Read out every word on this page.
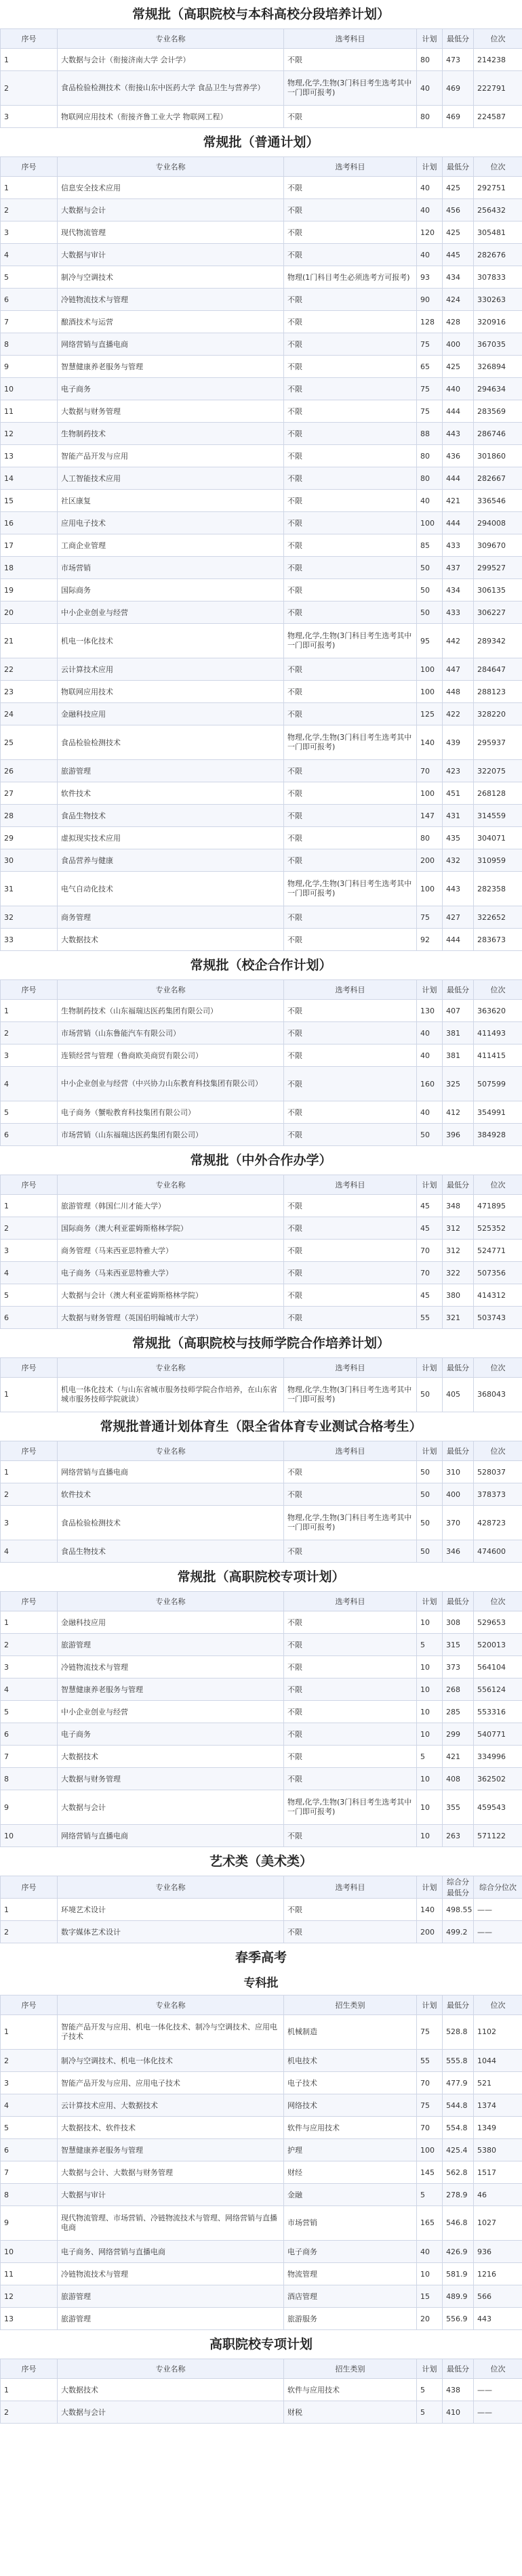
常规批（高职院校与本科高校分段培养计划）
序号	专业名称	选考科目	计划	最低分	位次
1	大数据与会计（衔接济南大学 会计学）	不限	80	473	214238
2	食品检验检测技术（衔接山东中医药大学 食品卫生与营养学）	物理,化学,生物(3门科目考生选考其中一门即可报考)	40	469	222791
3	物联网应用技术（衔接齐鲁工业大学 物联网工程）	不限	80	469	224587
常规批（普通计划）
序号	专业名称	选考科目	计划	最低分	位次
1	信息安全技术应用	不限	40	425	292751
2	大数据与会计	不限	40	456	256432
3	现代物流管理	不限	120	425	305481
4	大数据与审计	不限	40	445	282676
5	制冷与空调技术	物理(1门科目考生必须选考方可报考)	93	434	307833
6	冷链物流技术与管理	不限	90	424	330263
7	酿酒技术与运营	不限	128	428	320916
8	网络营销与直播电商	不限	75	400	367035
9	智慧健康养老服务与管理	不限	65	425	326894
10	电子商务	不限	75	440	294634
11	大数据与财务管理	不限	75	444	283569
12	生物制药技术	不限	88	443	286746
13	智能产品开发与应用	不限	80	436	301860
14	人工智能技术应用	不限	80	444	282667
15	社区康复	不限	40	421	336546
16	应用电子技术	不限	100	444	294008
17	工商企业管理	不限	85	433	309670
18	市场营销	不限	50	437	299527
19	国际商务	不限	50	434	306135
20	中小企业创业与经营	不限	50	433	306227
21	机电一体化技术	物理,化学,生物(3门科目考生选考其中一门即可报考)	95	442	289342
22	云计算技术应用	不限	100	447	284647
23	物联网应用技术	不限	100	448	288123
24	金融科技应用	不限	125	422	328220
25	食品检验检测技术	物理,化学,生物(3门科目考生选考其中一门即可报考)	140	439	295937
26	旅游管理	不限	70	423	322075
27	软件技术	不限	100	451	268128
28	食品生物技术	不限	147	431	314559
29	虚拟现实技术应用	不限	80	435	304071
30	食品营养与健康	不限	200	432	310959
31	电气自动化技术	物理,化学,生物(3门科目考生选考其中一门即可报考)	100	443	282358
32	商务管理	不限	75	427	322652
33	大数据技术	不限	92	444	283673
常规批（校企合作计划）
序号	专业名称	选考科目	计划	最低分	位次
1	生物制药技术（山东福瑞达医药集团有限公司）	不限	130	407	363620
2	市场营销（山东鲁能汽车有限公司）	不限	40	381	411493
3	连锁经营与管理（鲁商欧美商贸有限公司）	不限	40	381	411415
4	中小企业创业与经营（中兴协力山东教育科技集团有限公司）	不限	160	325	507599
5	电子商务（蟹啦教育科技集团有限公司）	不限	40	412	354991
6	市场营销（山东福瑞达医药集团有限公司）	不限	50	396	384928
常规批（中外合作办学）
序号	专业名称	选考科目	计划	最低分	位次
1	旅游管理（韩国仁川才能大学）	不限	45	348	471895
2	国际商务（澳大利亚霍姆斯格林学院）	不限	45	312	525352
3	商务管理（马来西亚思特雅大学）	不限	70	312	524771
4	电子商务（马来西亚思特雅大学）	不限	70	322	507356
5	大数据与会计（澳大利亚霍姆斯格林学院）	不限	45	380	414312
6	大数据与财务管理（英国伯明翰城市大学）	不限	55	321	503743
常规批（高职院校与技师学院合作培养计划）
序号	专业名称	选考科目	计划	最低分	位次
1	机电一体化技术（与山东省城市服务技师学院合作培养，在山东省城市服务技师学院就读）	物理,化学,生物(3门科目考生选考其中一门即可报考)	50	405	368043
常规批普通计划体育生（限全省体育专业测试合格考生）
序号	专业名称	选考科目	计划	最低分	位次
1	网络营销与直播电商	不限	50	310	528037
2	软件技术	不限	50	400	378373
3	食品检验检测技术	物理,化学,生物(3门科目考生选考其中一门即可报考)	50	370	428723
4	食品生物技术	不限	50	346	474600
常规批（高职院校专项计划）
序号	专业名称	选考科目	计划	最低分	位次
1	金融科技应用	不限	10	308	529653
2	旅游管理	不限	5	315	520013
3	冷链物流技术与管理	不限	10	373	564104
4	智慧健康养老服务与管理	不限	10	268	556124
5	中小企业创业与经营	不限	10	285	553316
6	电子商务	不限	10	299	540771
7	大数据技术	不限	5	421	334996
8	大数据与财务管理	不限	10	408	362502
9	大数据与会计	物理,化学,生物(3门科目考生选考其中一门即可报考)	10	355	459543
10	网络营销与直播电商	不限	10	263	571122
艺术类（美术类）
序号	专业名称	选考科目	计划	综合分最低分	综合分位次
1	环境艺术设计	不限	140	498.55	——
2	数字媒体艺术设计	不限	200	499.2	——
春季高考
专科批
序号	专业名称	招生类别	计划	最低分	位次
1	智能产品开发与应用、机电一体化技术、制冷与空调技术、应用电子技术	机械制造	75	528.8	1102
2	制冷与空调技术、机电一体化技术	机电技术	55	555.8	1044
3	智能产品开发与应用、应用电子技术	电子技术	70	477.9	521
4	云计算技术应用、大数据技术	网络技术	75	544.8	1374
5	大数据技术、软件技术	软件与应用技术	70	554.8	1349
6	智慧健康养老服务与管理	护理	100	425.4	5380
7	大数据与会计、大数据与财务管理	财经	145	562.8	1517
8	大数据与审计	金融	5	278.9	46
9	现代物流管理、市场营销、冷链物流技术与管理、网络营销与直播电商	市场营销	165	546.8	1027
10	电子商务、网络营销与直播电商	电子商务	40	426.9	936
11	冷链物流技术与管理	物流管理	10	581.9	1216
12	旅游管理	酒店管理	15	489.9	566
13	旅游管理	旅游服务	20	556.9	443
高职院校专项计划
序号	专业名称	招生类别	计划	最低分	位次
1	大数据技术	软件与应用技术	5	438	——
2	大数据与会计	财税	5	410	——
